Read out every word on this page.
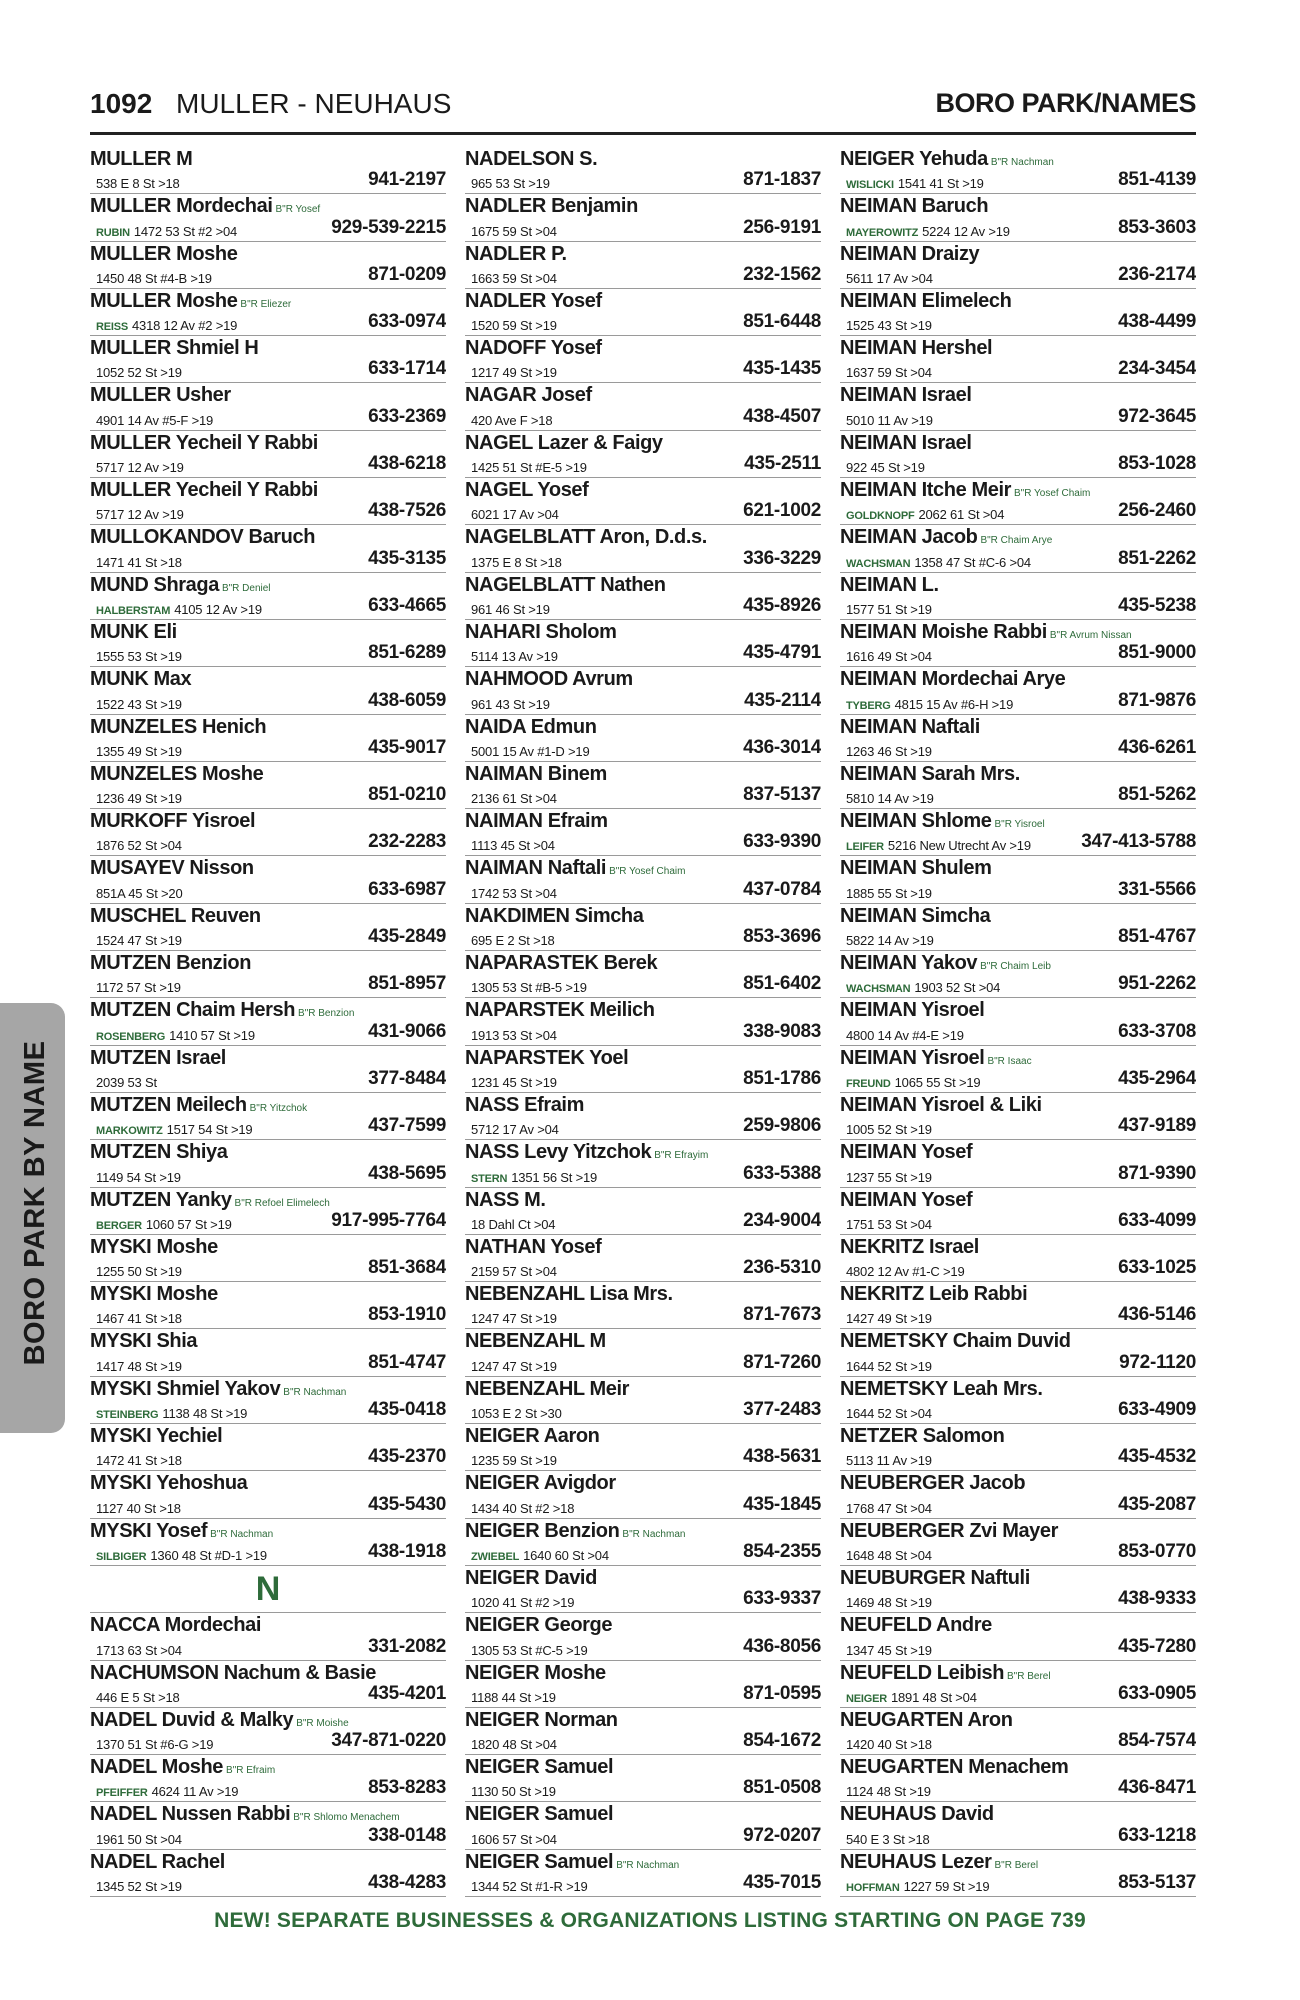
1092 MULLER - NEUHAUS	BORO PARK/NAMES
BORO PARK BY NAME
MULLER M
538 E 8 St >18	941-2197
MULLER Mordechai B"R Yosef
RUBIN 1472 53 St #2 >04	929-539-2215
MULLER Moshe
1450 48 St #4-B >19	871-0209
MULLER Moshe B"R Eliezer
REISS 4318 12 Av #2 >19	633-0974
MULLER Shmiel H
1052 52 St >19	633-1714
MULLER Usher
4901 14 Av #5-F >19	633-2369
MULLER Yecheil Y Rabbi
5717 12 Av >19	438-6218
MULLER Yecheil Y Rabbi
5717 12 Av >19	438-7526
MULLOKANDOV Baruch
1471 41 St >18	435-3135
MUND Shraga B"R Deniel
HALBERSTAM 4105 12 Av >19	633-4665
MUNK Eli
1555 53 St >19	851-6289
MUNK Max
1522 43 St >19	438-6059
MUNZELES Henich
1355 49 St >19	435-9017
MUNZELES Moshe
1236 49 St >19	851-0210
MURKOFF Yisroel
1876 52 St >04	232-2283
MUSAYEV Nisson
851A 45 St >20	633-6987
MUSCHEL Reuven
1524 47 St >19	435-2849
MUTZEN Benzion
1172 57 St >19	851-8957
MUTZEN Chaim Hersh B"R Benzion
ROSENBERG 1410 57 St >19	431-9066
MUTZEN Israel
2039 53 St	377-8484
MUTZEN Meilech B"R Yitzchok
MARKOWITZ 1517 54 St >19	437-7599
MUTZEN Shiya
1149 54 St >19	438-5695
MUTZEN Yanky B"R Refoel Elimelech
BERGER 1060 57 St >19	917-995-7764
MYSKI Moshe
1255 50 St >19	851-3684
MYSKI Moshe
1467 41 St >18	853-1910
MYSKI Shia
1417 48 St >19	851-4747
MYSKI Shmiel Yakov B"R Nachman
STEINBERG 1138 48 St >19	435-0418
MYSKI Yechiel
1472 41 St >18	435-2370
MYSKI Yehoshua
1127 40 St >18	435-5430
MYSKI Yosef B"R Nachman
SILBIGER 1360 48 St #D-1 >19	438-1918
N
NACCA Mordechai
1713 63 St >04	331-2082
NACHUMSON Nachum & Basie
446 E 5 St >18	435-4201
NADEL Duvid & Malky B"R Moishe
1370 51 St #6-G >19	347-871-0220
NADEL Moshe B"R Efraim
PFEIFFER 4624 11 Av >19	853-8283
NADEL Nussen Rabbi B"R Shlomo Menachem
1961 50 St >04	338-0148
NADEL Rachel
1345 52 St >19	438-4283
NADELSON S.
965 53 St >19	871-1837
NADLER Benjamin
1675 59 St >04	256-9191
NADLER P.
1663 59 St >04	232-1562
NADLER Yosef
1520 59 St >19	851-6448
NADOFF Yosef
1217 49 St >19	435-1435
NAGAR Josef
420 Ave F >18	438-4507
NAGEL Lazer & Faigy
1425 51 St #E-5 >19	435-2511
NAGEL Yosef
6021 17 Av >04	621-1002
NAGELBLATT Aron, D.d.s.
1375 E 8 St >18	336-3229
NAGELBLATT Nathen
961 46 St >19	435-8926
NAHARI Sholom
5114 13 Av >19	435-4791
NAHMOOD Avrum
961 43 St >19	435-2114
NAIDA Edmun
5001 15 Av #1-D >19	436-3014
NAIMAN Binem
2136 61 St >04	837-5137
NAIMAN Efraim
1113 45 St >04	633-9390
NAIMAN Naftali B"R Yosef Chaim
1742 53 St >04	437-0784
NAKDIMEN Simcha
695 E 2 St >18	853-3696
NAPARASTEK Berek
1305 53 St #B-5 >19	851-6402
NAPARSTEK Meilich
1913 53 St >04	338-9083
NAPARSTEK Yoel
1231 45 St >19	851-1786
NASS Efraim
5712 17 Av >04	259-9806
NASS Levy Yitzchok B"R Efrayim
STERN 1351 56 St >19	633-5388
NASS M.
18 Dahl Ct >04	234-9004
NATHAN Yosef
2159 57 St >04	236-5310
NEBENZAHL Lisa Mrs.
1247 47 St >19	871-7673
NEBENZAHL M
1247 47 St >19	871-7260
NEBENZAHL Meir
1053 E 2 St >30	377-2483
NEIGER Aaron
1235 59 St >19	438-5631
NEIGER Avigdor
1434 40 St #2 >18	435-1845
NEIGER Benzion B"R Nachman
ZWIEBEL 1640 60 St >04	854-2355
NEIGER David
1020 41 St #2 >19	633-9337
NEIGER George
1305 53 St #C-5 >19	436-8056
NEIGER Moshe
1188 44 St >19	871-0595
NEIGER Norman
1820 48 St >04	854-1672
NEIGER Samuel
1130 50 St >19	851-0508
NEIGER Samuel
1606 57 St >04	972-0207
NEIGER Samuel B"R Nachman
1344 52 St #1-R >19	435-7015
NEIGER Yehuda B"R Nachman
WISLICKI 1541 41 St >19	851-4139
NEIMAN Baruch
MAYEROWITZ 5224 12 Av >19	853-3603
NEIMAN Draizy
5611 17 Av >04	236-2174
NEIMAN Elimelech
1525 43 St >19	438-4499
NEIMAN Hershel
1637 59 St >04	234-3454
NEIMAN Israel
5010 11 Av >19	972-3645
NEIMAN Israel
922 45 St >19	853-1028
NEIMAN Itche Meir B"R Yosef Chaim
GOLDKNOPF 2062 61 St >04	256-2460
NEIMAN Jacob B"R Chaim Arye
WACHSMAN 1358 47 St #C-6 >04	851-2262
NEIMAN L.
1577 51 St >19	435-5238
NEIMAN Moishe Rabbi B"R Avrum Nissan
1616 49 St >04	851-9000
NEIMAN Mordechai Arye
TYBERG 4815 15 Av #6-H >19	871-9876
NEIMAN Naftali
1263 46 St >19	436-6261
NEIMAN Sarah Mrs.
5810 14 Av >19	851-5262
NEIMAN Shlome B"R Yisroel
LEIFER 5216 New Utrecht Av >19	347-413-5788
NEIMAN Shulem
1885 55 St >19	331-5566
NEIMAN Simcha
5822 14 Av >19	851-4767
NEIMAN Yakov B"R Chaim Leib
WACHSMAN 1903 52 St >04	951-2262
NEIMAN Yisroel
4800 14 Av #4-E >19	633-3708
NEIMAN Yisroel B"R Isaac
FREUND 1065 55 St >19	435-2964
NEIMAN Yisroel & Liki
1005 52 St >19	437-9189
NEIMAN Yosef
1237 55 St >19	871-9390
NEIMAN Yosef
1751 53 St >04	633-4099
NEKRITZ Israel
4802 12 Av #1-C >19	633-1025
NEKRITZ Leib Rabbi
1427 49 St >19	436-5146
NEMETSKY Chaim Duvid
1644 52 St >19	972-1120
NEMETSKY Leah Mrs.
1644 52 St >04	633-4909
NETZER Salomon
5113 11 Av >19	435-4532
NEUBERGER Jacob
1768 47 St >04	435-2087
NEUBERGER Zvi Mayer
1648 48 St >04	853-0770
NEUBURGER Naftuli
1469 48 St >19	438-9333
NEUFELD Andre
1347 45 St >19	435-7280
NEUFELD Leibish B"R Berel
NEIGER 1891 48 St >04	633-0905
NEUGARTEN Aron
1420 40 St >18	854-7574
NEUGARTEN Menachem
1124 48 St >19	436-8471
NEUHAUS David
540 E 3 St >18	633-1218
NEUHAUS Lezer B"R Berel
HOFFMAN 1227 59 St >19	853-5137
NEW! SEPARATE BUSINESSES & ORGANIZATIONS LISTING STARTING ON PAGE 739
